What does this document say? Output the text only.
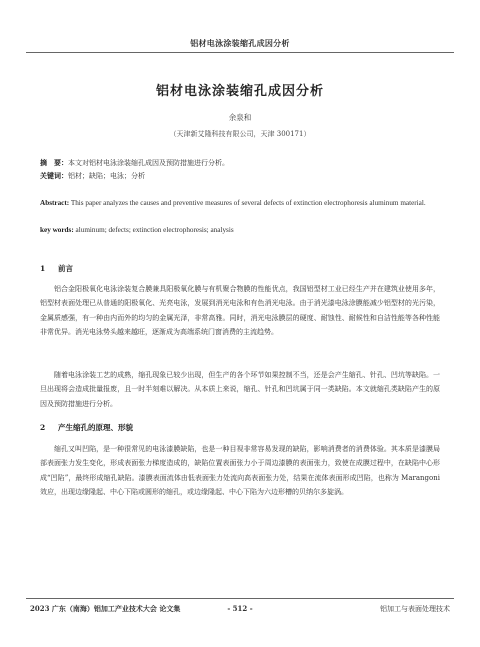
铝材电泳涂装缩孔成因分析
铝材电泳涂装缩孔成因分析
余泉和
（天津新艾隆科技有限公司，天津 300171）
摘　要：本文对铝材电泳涂装缩孔成因及预防措施进行分析。
关键词：铝材；缺陷；电泳；分析
Abstract: This paper analyzes the causes and preventive measures of several defects of extinction electrophoresis aluminum material.
key words: aluminum; defects; extinction electrophoresis; analysis
1 前言
铝合金阳极氧化电泳涂装复合膜兼具阳极氧化膜与有机聚合物膜的性能优点，我国铝型材工业已经生产并在建筑业使用多年，铝型材表面处理已从普通的阳极氧化、光亮电泳，发展到消光电泳和有色消光电泳。由于消光漆电泳涂膜能减少铝型材的光污染，金属质感强，有一种由内而外的均匀的金属光泽，非常高雅。同时，消光电泳膜层的硬度、耐蚀性、耐候性和自洁性能等各种性能非常优异。消光电泳势头越来越旺，逐渐成为高端系统门窗消费的主流趋势。
随着电泳涂装工艺的成熟，缩孔现象已较少出现，但生产的各个环节如果控制不当，还是会产生缩孔、针孔、凹坑等缺陷。一旦出现将会造成批量报废，且一时半刻难以解决。从本质上来说，缩孔、针孔和凹坑属于同一类缺陷。本文就缩孔类缺陷产生的原因及预防措施进行分析。
2 产生缩孔的原理、形貌
缩孔又叫凹陷，是一种很常见的电泳漆膜缺陷，也是一种目视非常容易发现的缺陷，影响消费者的消费体验。其本质是漆膜局部表面张力发生变化，形成表面张力梯度造成的，缺陷位置表面张力小于周边漆膜的表面张力，致使在成膜过程中，在缺陷中心形成“凹陷”，最终形成缩孔缺陷。漆膜表面流体由低表面张力处流向高表面张力处，结果在流体表面形成凹陷，也称为 Marangoni 效应，出现边缘隆起、中心下陷或圆形的缩孔，或边缘隆起、中心下陷为六边形槽的贝纳尔多旋涡。
2023 广东（南海）铝加工产业技术大会 论文集	- 512 -	铝加工与表面处理技术
